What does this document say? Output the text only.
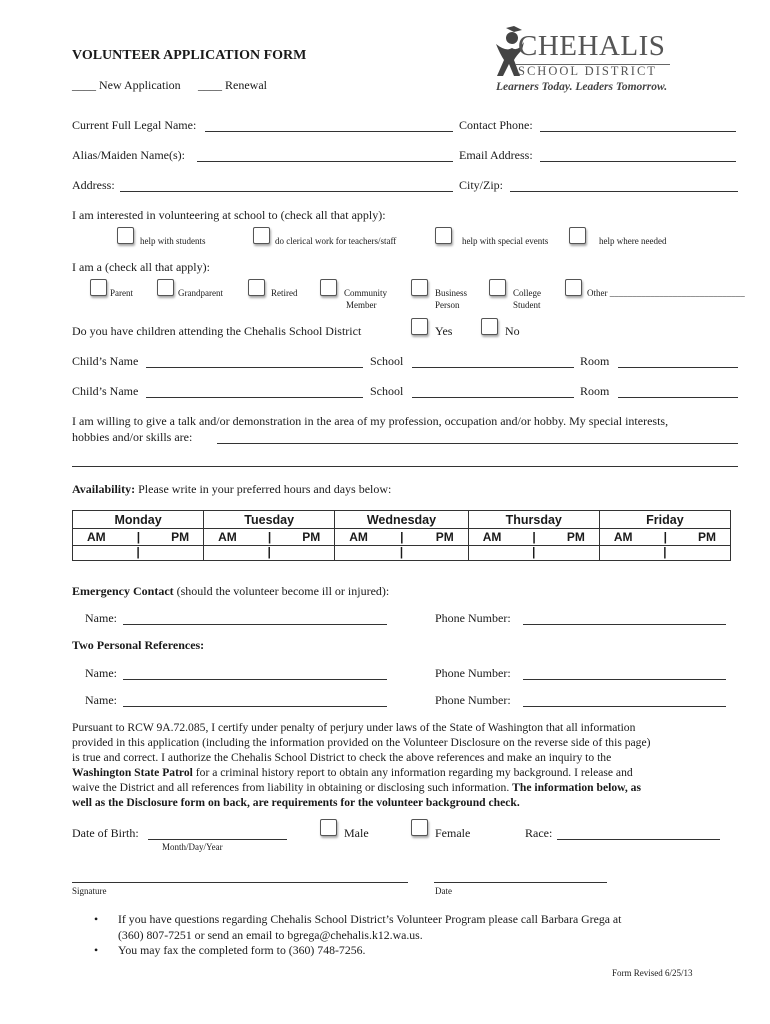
VOLUNTEER APPLICATION FORM
____ New Application ____ Renewal
CHEHALIS
SCHOOL DISTRICT
Learners Today. Leaders Tomorrow.
Current Full Legal Name:	Contact Phone:
Alias/Maiden Name(s):	Email Address:
Address:	City/Zip:
I am interested in volunteering at school to (check all that apply):
help with students	do clerical work for teachers/staff	help with special events	help where needed
I am a (check all that apply):
Parent	Grandparent	Retired	Community
Member
Business
Person
College
Student
Other ______________________________
Do you have children attending the Chehalis School District	Yes	No
Child’s Name	School	Room
Child’s Name	School	Room
I am willing to give a talk and/or demonstration in the area of my profession, occupation and/or hobby. My special interests,
hobbies and/or skills are:
Availability: Please write in your preferred hours and days below:
Monday	Tuesday	Wednesday	Thursday	Friday

AM | PM	AM | PM	AM | PM	AM | PM	AM | PM

|	|	|	|	|
Emergency Contact (should the volunteer become ill or injured):
Name:	Phone Number:
Two Personal References:
Name:	Phone Number:
Name:	Phone Number:
Pursuant to RCW 9A.72.085, I certify under penalty of perjury under laws of the State of Washington that all information
provided in this application (including the information provided on the Volunteer Disclosure on the reverse side of this page)
is true and correct. I authorize the Chehalis School District to check the above references and make an inquiry to the
Washington State Patrol for a criminal history report to obtain any information regarding my background. I release and
waive the District and all references from liability in obtaining or disclosing such information. The information below, as
well as the Disclosure form on back, are requirements for the volunteer background check.
Date of Birth:
Month/Day/Year
Male	Female	Race:
Signature	Date
• If you have questions regarding Chehalis School District’s Volunteer Program please call Barbara Grega at
(360) 807-7251 or send an email to bgrega@chehalis.k12.wa.us.
• You may fax the completed form to (360) 748-7256.
Form Revised 6/25/13
